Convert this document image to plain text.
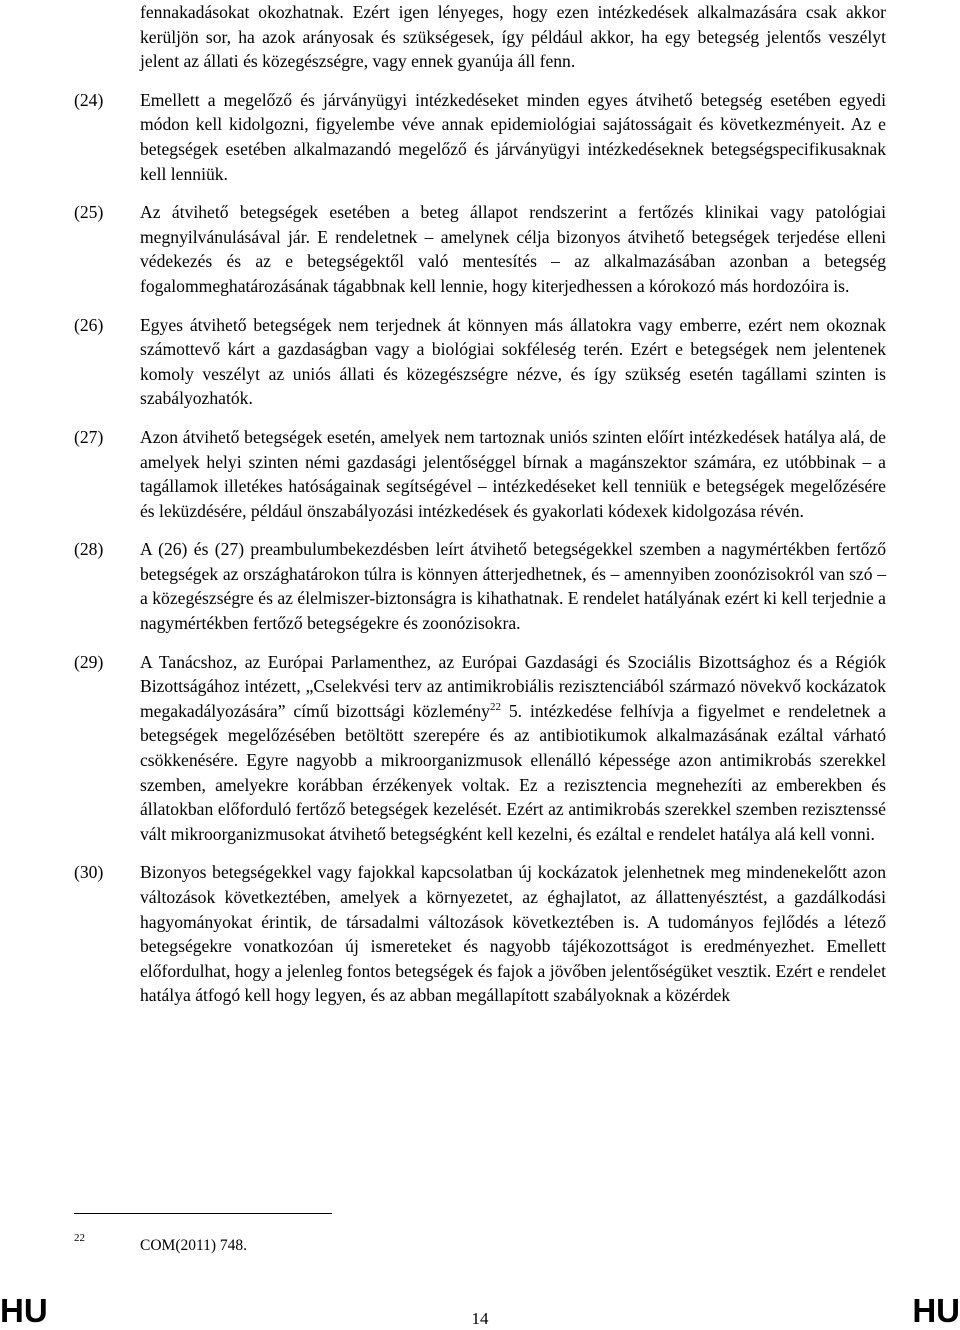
fennakadásokat okozhatnak. Ezért igen lényeges, hogy ezen intézkedések alkalmazására csak akkor kerüljön sor, ha azok arányosak és szükségesek, így például akkor, ha egy betegség jelentős veszélyt jelent az állati és közegészségre, vagy ennek gyanúja áll fenn.
(24)	Emellett a megelőző és járványügyi intézkedéseket minden egyes átvihető betegség esetében egyedi módon kell kidolgozni, figyelembe véve annak epidemiológiai sajátosságait és következményeit. Az e betegségek esetében alkalmazandó megelőző és járványügyi intézkedéseknek betegségspecifikusaknak kell lenniük.
(25)	Az átvihető betegségek esetében a beteg állapot rendszerint a fertőzés klinikai vagy patológiai megnyilvánulásával jár. E rendeletnek – amelynek célja bizonyos átvihető betegségek terjedése elleni védekezés és az e betegségektől való mentesítés – az alkalmazásában azonban a betegség fogalommeghatározásának tágabbnak kell lennie, hogy kiterjedhessen a kórokozó más hordozóira is.
(26)	Egyes átvihető betegségek nem terjednek át könnyen más állatokra vagy emberre, ezért nem okoznak számottevő kárt a gazdaságban vagy a biológiai sokféleség terén. Ezért e betegségek nem jelentenek komoly veszélyt az uniós állati és közegészségre nézve, és így szükség esetén tagállami szinten is szabályozhatók.
(27)	Azon átvihető betegségek esetén, amelyek nem tartoznak uniós szinten előírt intézkedések hatálya alá, de amelyek helyi szinten némi gazdasági jelentőséggel bírnak a magánszektor számára, ez utóbbinak – a tagállamok illetékes hatóságainak segítségével – intézkedéseket kell tenniük e betegségek megelőzésére és leküzdésére, például önszabályozási intézkedések és gyakorlati kódexek kidolgozása révén.
(28)	A (26) és (27) preambulumbekezdésben leírt átvihető betegségekkel szemben a nagymértékben fertőző betegségek az országhatárokon túlra is könnyen átterjedhetnek, és – amennyiben zoonózisokról van szó – a közegészségre és az élelmiszer-biztonságra is kihathatnak. E rendelet hatályának ezért ki kell terjednie a nagymértékben fertőző betegségekre és zoonózisokra.
(29)	A Tanácshoz, az Európai Parlamenthez, az Európai Gazdasági és Szociális Bizottsághoz és a Régiók Bizottságához intézett, „Cselekvési terv az antimikrobiális rezisztenciából származó növekvő kockázatok megakadályozására” című bizottsági közlemény$^{22}$ 5. intézkedése felhívja a figyelmet e rendeletnek a betegségek megelőzésében betöltött szerepére és az antibiotikumok alkalmazásának ezáltal várható csökkenésére. Egyre nagyobb a mikroorganizmusok ellenálló képessége azon antimikrobás szerekkel szemben, amelyekre korábban érzékenyek voltak. Ez a rezisztencia megnehezíti az emberekben és állatokban előforduló fertőző betegségek kezelését. Ezért az antimikrobás szerekkel szemben rezisztenssé vált mikroorganizmusokat átvihető betegségként kell kezelni, és ezáltal e rendelet hatálya alá kell vonni.
(30)	Bizonyos betegségekkel vagy fajokkal kapcsolatban új kockázatok jelenhetnek meg mindenekelőtt azon változások következtében, amelyek a környezetet, az éghajlatot, az állattenyésztést, a gazdálkodási hagyományokat érintik, de társadalmi változások következtében is. A tudományos fejlődés a létező betegségekre vonatkozóan új ismereteket és nagyobb tájékozottságot is eredményezhet. Emellett előfordulhat, hogy a jelenleg fontos betegségek és fajok a jövőben jelentőségüket vesztik. Ezért e rendelet hatálya átfogó kell hogy legyen, és az abban megállapított szabályoknak a közérdek
22	COM(2011) 748.
HU	14	HU
